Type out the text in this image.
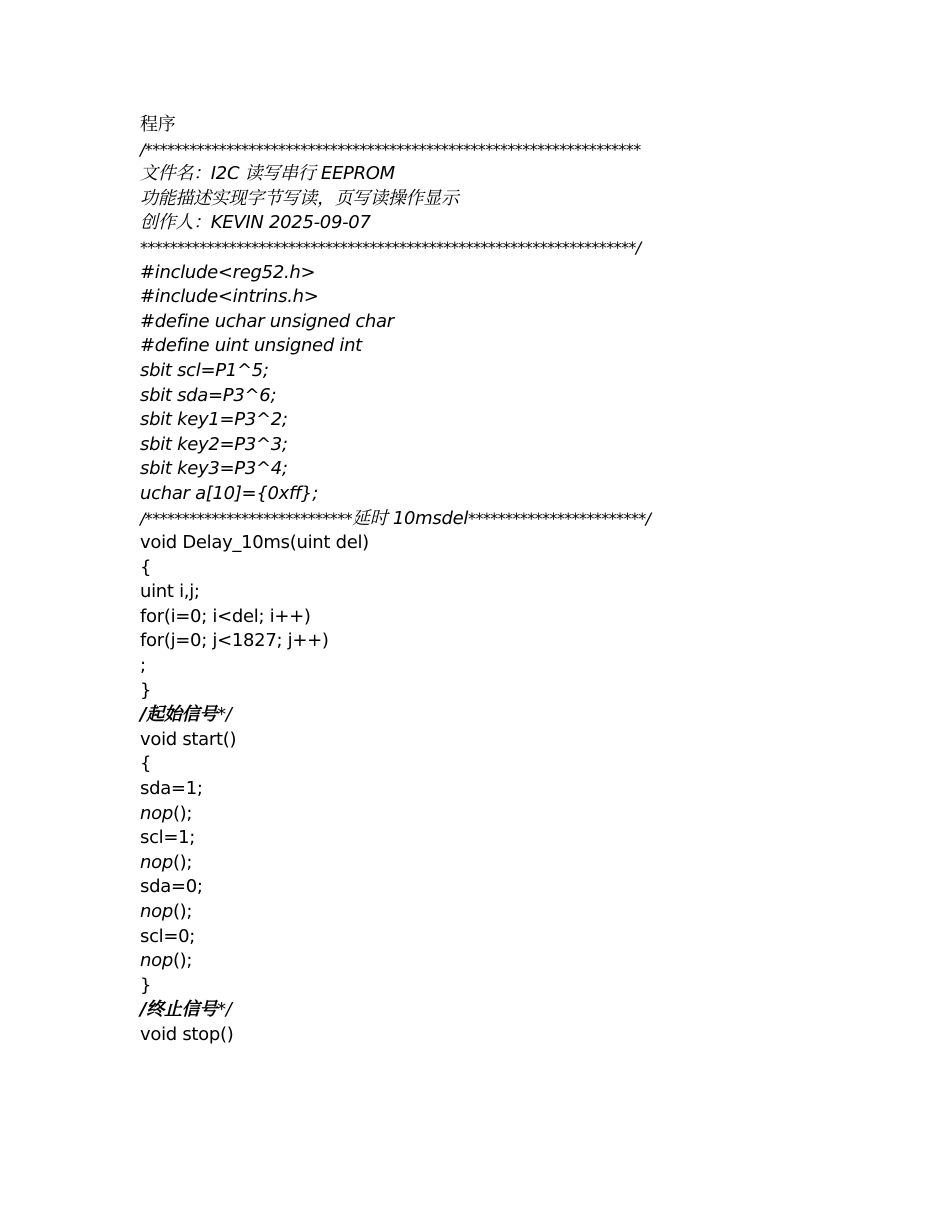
程序
/*******************************************************************
文件名：I2C 读写串行 EEPROM
功能描述实现字节写读，页写读操作显示
创作人：KEVIN 2025-09-07
*******************************************************************/
#include<reg52.h>
#include<intrins.h>
#define uchar unsigned char
#define uint unsigned int
sbit scl=P1^5;
sbit sda=P3^6;
sbit key1=P3^2;
sbit key2=P3^3;
sbit key3=P3^4;
uchar a[10]={0xff};
/****************************延时 10msdel************************/
void Delay_10ms(uint del)
{
uint i,j;
for(i=0; i<del; i++)
for(j=0; j<1827; j++)
;
}
/起始信号*/
void start()
{
sda=1;
nop();
scl=1;
nop();
sda=0;
nop();
scl=0;
nop();
}
/终止信号*/
void stop()
